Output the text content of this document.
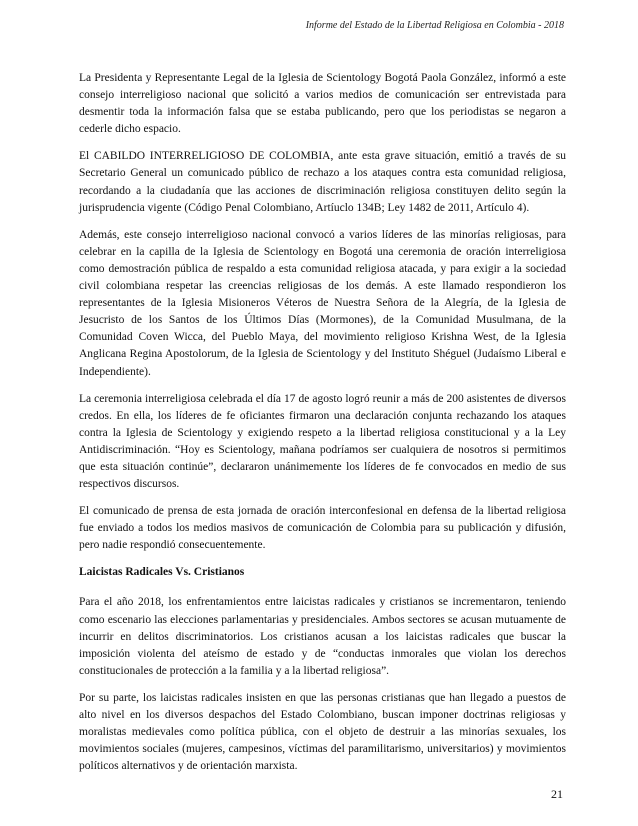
Informe del Estado de la Libertad Religiosa en Colombia - 2018

La Presidenta y Representante Legal de la Iglesia de Scientology Bogotá Paola González, informó a este consejo interreligioso nacional que solicitó a varios medios de comunicación ser entrevistada para desmentir toda la información falsa que se estaba publicando, pero que los periodistas se negaron a cederle dicho espacio.

El CABILDO INTERRELIGIOSO DE COLOMBIA, ante esta grave situación, emitió a través de su Secretario General un comunicado público de rechazo a los ataques contra esta comunidad religiosa, recordando a la ciudadanía que las acciones de discriminación religiosa constituyen delito según la jurisprudencia vigente (Código Penal Colombiano, Artíuclo 134B; Ley 1482 de 2011, Artículo 4).

Además, este consejo interreligioso nacional convocó a varios líderes de las minorías religiosas, para celebrar en la capilla de la Iglesia de Scientology en Bogotá una ceremonia de oración interreligiosa como demostración pública de respaldo a esta comunidad religiosa atacada, y para exigir a la sociedad civil colombiana respetar las creencias religiosas de los demás. A este llamado respondieron los representantes de la Iglesia Misioneros Véteros de Nuestra Señora de la Alegría, de la Iglesia de Jesucristo de los Santos de los Últimos Días (Mormones), de la Comunidad Musulmana, de la Comunidad Coven Wicca, del Pueblo Maya, del movimiento religioso Krishna West, de la Iglesia Anglicana Regina Apostolorum, de la Iglesia de Scientology y del Instituto Shéguel (Judaísmo Liberal e Independiente).

La ceremonia interreligiosa celebrada el día 17 de agosto logró reunir a más de 200 asistentes de diversos credos. En ella, los líderes de fe oficiantes firmaron una declaración conjunta rechazando los ataques contra la Iglesia de Scientology y exigiendo respeto a la libertad religiosa constitucional y a la Ley Antidiscriminación. “Hoy es Scientology, mañana podríamos ser cualquiera de nosotros si permitimos que esta situación continúe”, declararon unánimemente los líderes de fe convocados en medio de sus respectivos discursos.

El comunicado de prensa de esta jornada de oración interconfesional en defensa de la libertad religiosa fue enviado a todos los medios masivos de comunicación de Colombia para su publicación y difusión, pero nadie respondió consecuentemente.

Laicistas Radicales Vs. Cristianos

Para el año 2018, los enfrentamientos entre laicistas radicales y cristianos se incrementaron, teniendo como escenario las elecciones parlamentarias y presidenciales. Ambos sectores se acusan mutuamente de incurrir en delitos discriminatorios. Los cristianos acusan a los laicistas radicales que buscar la imposición violenta del ateísmo de estado y de “conductas inmorales que violan los derechos constitucionales de protección a la familia y a la libertad religiosa”.

Por su parte, los laicistas radicales insisten en que las personas cristianas que han llegado a puestos de alto nivel en los diversos despachos del Estado Colombiano, buscan imponer doctrinas religiosas y moralistas medievales como política pública, con el objeto de destruir a las minorías sexuales, los movimientos sociales (mujeres, campesinos, víctimas del paramilitarismo, universitarios) y movimientos políticos alternativos y de orientación marxista.

21
